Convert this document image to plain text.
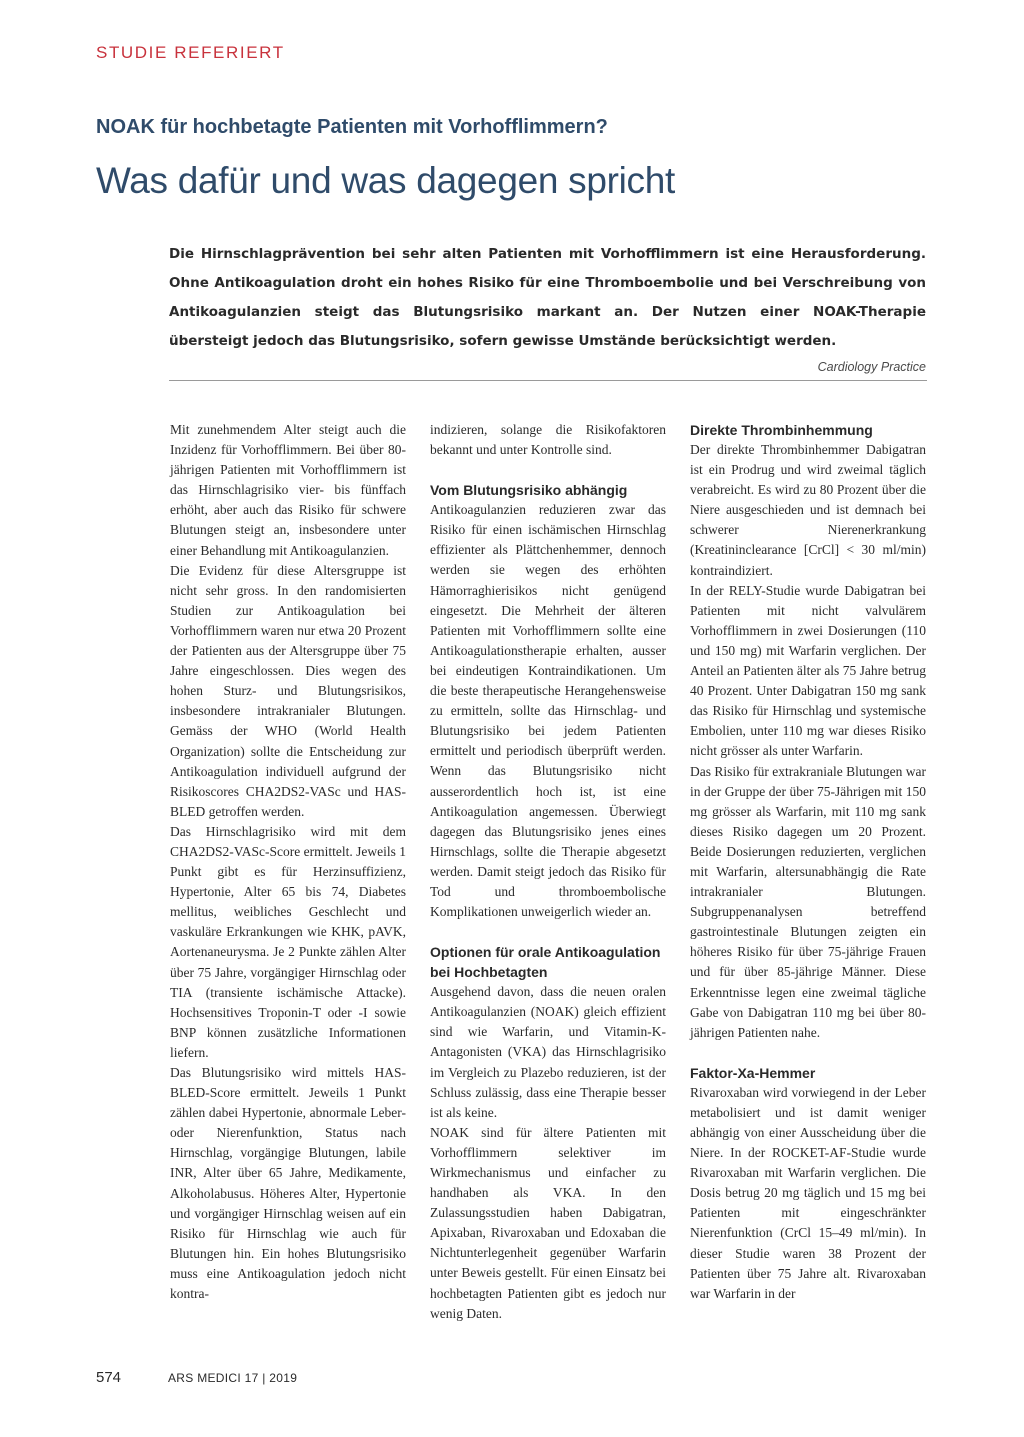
STUDIE REFERIERT
NOAK für hochbetagte Patienten mit Vorhofflimmern?
Was dafür und was dagegen spricht
Die Hirnschlagprävention bei sehr alten Patienten mit Vorhofflimmern ist eine Herausforderung. Ohne Antikoagulation droht ein hohes Risiko für eine Thromboembolie und bei Verschreibung von Antikoagulanzien steigt das Blutungsrisiko markant an. Der Nutzen einer NOAK-Therapie übersteigt jedoch das Blutungsrisiko, sofern gewisse Umstände berücksichtigt werden.
Cardiology Practice

Mit zunehmendem Alter steigt auch die Inzidenz für Vorhofflimmern. Bei über 80-jährigen Patienten mit Vorhofflimmern ist das Hirnschlagrisiko vier- bis fünffach erhöht, aber auch das Risiko für schwere Blutungen steigt an, insbesondere unter einer Behandlung mit Antikoagulanzien.

Die Evidenz für diese Altersgruppe ist nicht sehr gross. In den randomisierten Studien zur Antikoagulation bei Vorhofflimmern waren nur etwa 20 Prozent der Patienten aus der Altersgruppe über 75 Jahre eingeschlossen. Dies wegen des hohen Sturz- und Blutungsrisikos, insbesondere intrakranialer Blutungen. Gemäss der WHO (World Health Organization) sollte die Entscheidung zur Antikoagulation individuell aufgrund der Risikoscores CHA2DS2-VASc und HAS-BLED getroffen werden.

Das Hirnschlagrisiko wird mit dem CHA2DS2-VASc-Score ermittelt. Jeweils 1 Punkt gibt es für Herzinsuffizienz, Hypertonie, Alter 65 bis 74, Diabetes mellitus, weibliches Geschlecht und vaskuläre Erkrankungen wie KHK, pAVK, Aortenaneurysma. Je 2 Punkte zählen Alter über 75 Jahre, vorgängiger Hirnschlag oder TIA (transiente ischämische Attacke). Hochsensitives Troponin-T oder -I sowie BNP können zusätzliche Informationen liefern.

Das Blutungsrisiko wird mittels HAS-BLED-Score ermittelt. Jeweils 1 Punkt zählen dabei Hypertonie, abnormale Leber- oder Nierenfunktion, Status nach Hirnschlag, vorgängige Blutungen, labile INR, Alter über 65 Jahre, Medikamente, Alkoholabusus. Höheres Alter, Hypertonie und vorgängiger Hirnschlag weisen auf ein Risiko für Hirnschlag wie auch für Blutungen hin. Ein hohes Blutungsrisiko muss eine Antikoagulation jedoch nicht kontra-

indizieren, solange die Risikofaktoren bekannt und unter Kontrolle sind.

Vom Blutungsrisiko abhängig

Antikoagulanzien reduzieren zwar das Risiko für einen ischämischen Hirnschlag effizienter als Plättchenhemmer, dennoch werden sie wegen des erhöhten Hämorraghierisikos nicht genügend eingesetzt. Die Mehrheit der älteren Patienten mit Vorhofflimmern sollte eine Antikoagulationstherapie erhalten, ausser bei eindeutigen Kontraindikationen. Um die beste therapeutische Herangehensweise zu ermitteln, sollte das Hirnschlag- und Blutungsrisiko bei jedem Patienten ermittelt und periodisch überprüft werden. Wenn das Blutungsrisiko nicht ausserordentlich hoch ist, ist eine Antikoagulation angemessen. Überwiegt dagegen das Blutungsrisiko jenes eines Hirnschlags, sollte die Therapie abgesetzt werden. Damit steigt jedoch das Risiko für Tod und thromboembolische Komplikationen unweigerlich wieder an.

Optionen für orale Antikoagulation bei Hochbetagten

Ausgehend davon, dass die neuen oralen Antikoagulanzien (NOAK) gleich effizient sind wie Warfarin, und Vitamin-K-Antagonisten (VKA) das Hirnschlagrisiko im Vergleich zu Plazebo reduzieren, ist der Schluss zulässig, dass eine Therapie besser ist als keine.

NOAK sind für ältere Patienten mit Vorhofflimmern selektiver im Wirkmechanismus und einfacher zu handhaben als VKA. In den Zulassungsstudien haben Dabigatran, Apixaban, Rivaroxaban und Edoxaban die Nichtunterlegenheit gegenüber Warfarin unter Beweis gestellt. Für einen Einsatz bei hochbetagten Patienten gibt es jedoch nur wenig Daten.

Direkte Thrombinhemmung

Der direkte Thrombinhemmer Dabigatran ist ein Prodrug und wird zweimal täglich verabreicht. Es wird zu 80 Prozent über die Niere ausgeschieden und ist demnach bei schwerer Nierenerkrankung (Kreatininclearance [CrCl] < 30 ml/min) kontraindiziert.

In der RELY-Studie wurde Dabigatran bei Patienten mit nicht valvulärem Vorhofflimmern in zwei Dosierungen (110 und 150 mg) mit Warfarin verglichen. Der Anteil an Patienten älter als 75 Jahre betrug 40 Prozent. Unter Dabigatran 150 mg sank das Risiko für Hirnschlag und systemische Embolien, unter 110 mg war dieses Risiko nicht grösser als unter Warfarin.

Das Risiko für extrakraniale Blutungen war in der Gruppe der über 75-Jährigen mit 150 mg grösser als Warfarin, mit 110 mg sank dieses Risiko dagegen um 20 Prozent. Beide Dosierungen reduzierten, verglichen mit Warfarin, altersunabhängig die Rate intrakranialer Blutungen. Subgruppenanalysen betreffend gastrointestinale Blutungen zeigten ein höheres Risiko für über 75-jährige Frauen und für über 85-jährige Männer. Diese Erkenntnisse legen eine zweimal tägliche Gabe von Dabigatran 110 mg bei über 80-jährigen Patienten nahe.

Faktor-Xa-Hemmer

Rivaroxaban wird vorwiegend in der Leber metabolisiert und ist damit weniger abhängig von einer Ausscheidung über die Niere. In der ROCKET-AF-Studie wurde Rivaroxaban mit Warfarin verglichen. Die Dosis betrug 20 mg täglich und 15 mg bei Patienten mit eingeschränkter Nierenfunktion (CrCl 15–49 ml/min). In dieser Studie waren 38 Prozent der Patienten über 75 Jahre alt. Rivaroxaban war Warfarin in der

574	ARS MEDICI 17 | 2019
